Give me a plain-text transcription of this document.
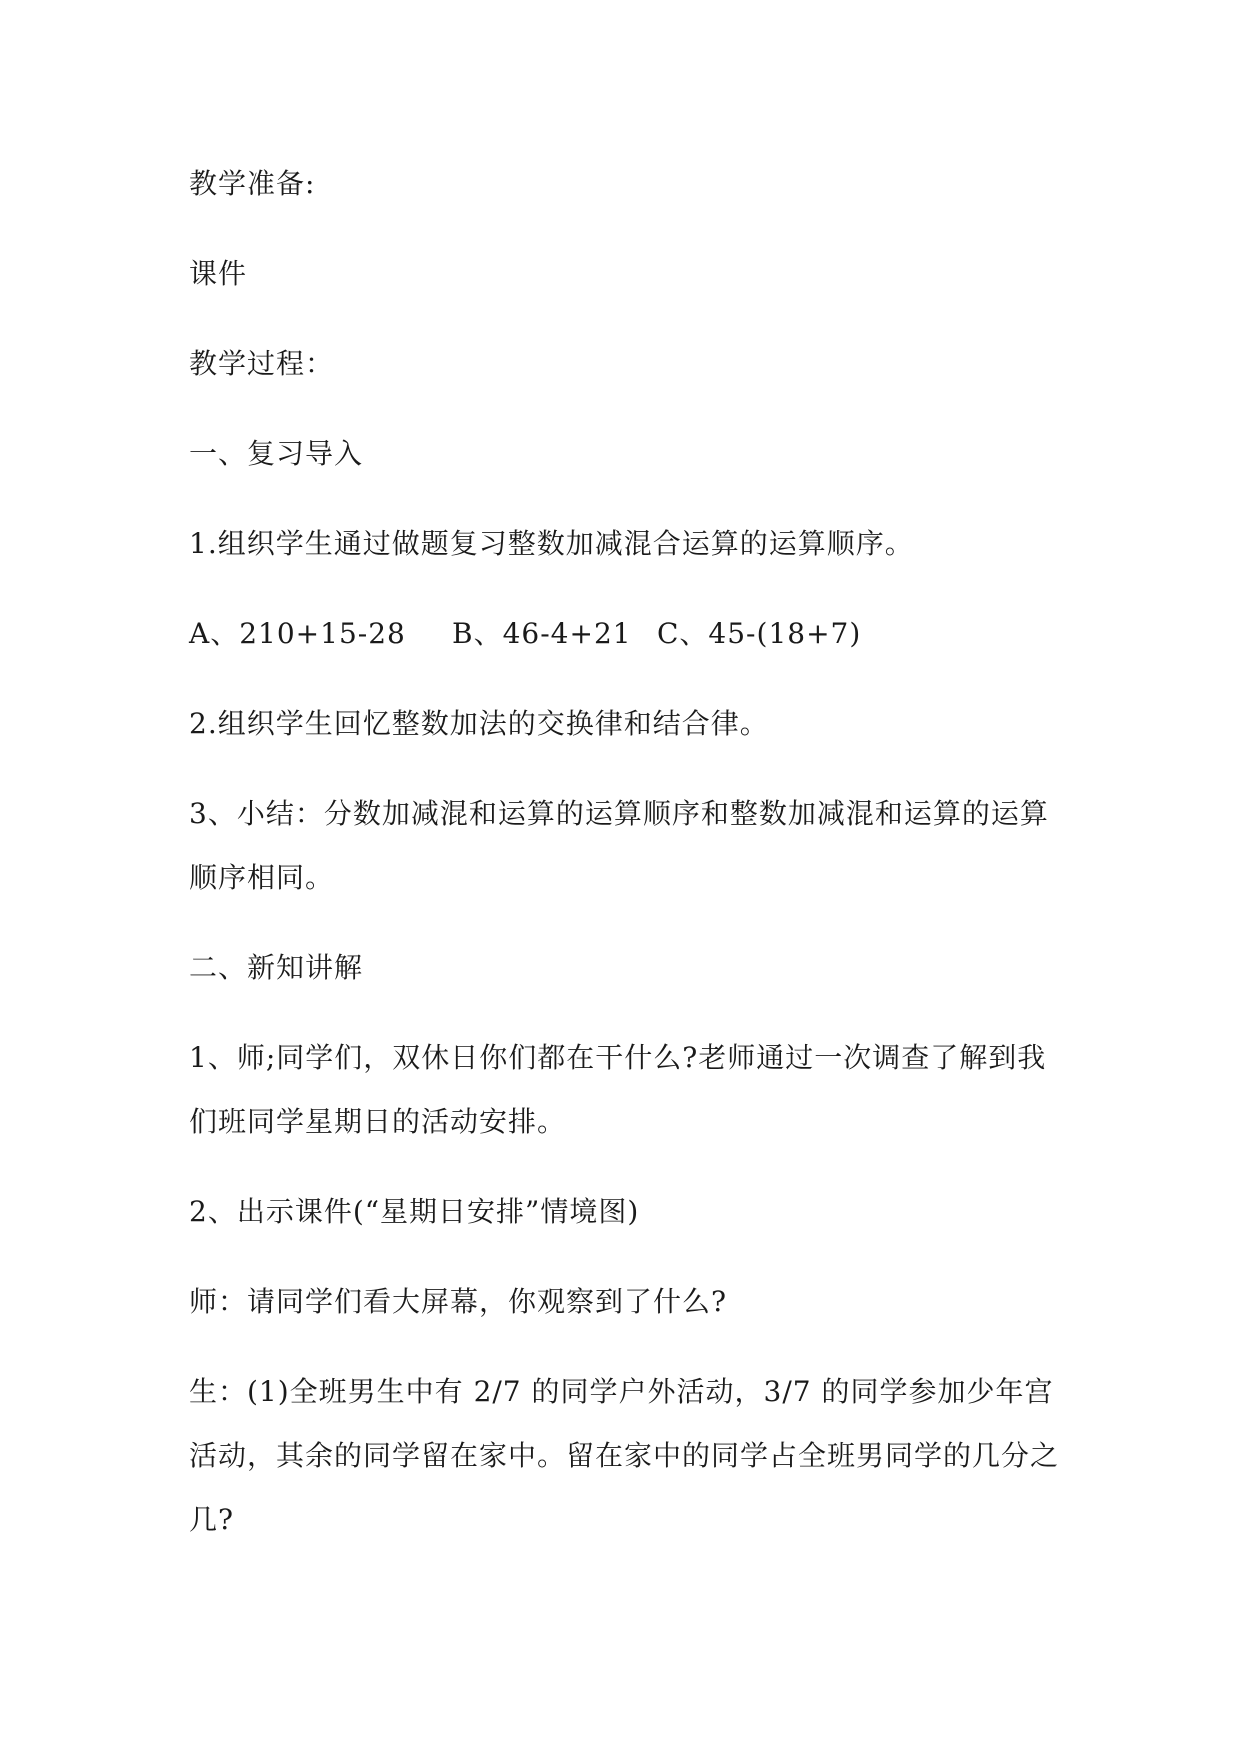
教学准备:
课件
教学过程：
一、复习导入
1.组织学生通过做题复习整数加减混合运算的运算顺序。
A、210+15-28 B、46-4+21 C、45-(18+7)
2.组织学生回忆整数加法的交换律和结合律。
3、小结：分数加减混和运算的运算顺序和整数加减混和运算的运算
顺序相同。
二、新知讲解
1、师;同学们，双休日你们都在干什么?老师通过一次调查了解到我
们班同学星期日的活动安排。
2、出示课件(“星期日安排”情境图)
师：请同学们看大屏幕，你观察到了什么?
生：(1)全班男生中有 2/7 的同学户外活动，3/7 的同学参加少年宫
活动，其余的同学留在家中。留在家中的同学占全班男同学的几分之
几?
